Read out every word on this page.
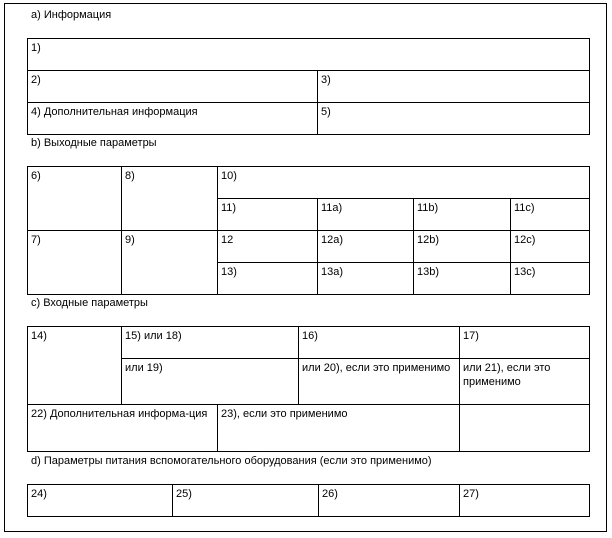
а) Информация
1)	
2)	3)
4) Дополнительная информация	5)
b) Выходные параметры
6)	8)	10)			
		11)	11а)	11b)	11с)
7)	9)	12	12а)	12b)	12с)
		13)	13а)	13b)	13с)
с) Входные параметры
14)	15) или 18)		16)	17)
	или 19)		или 20), если это применимо	или 21), если это применимо
22) Дополнительная информа-ция		23), если это применимо		
d) Параметры питания вспомогательного оборудования (если это применимо)
24)	25)	26)	27)
